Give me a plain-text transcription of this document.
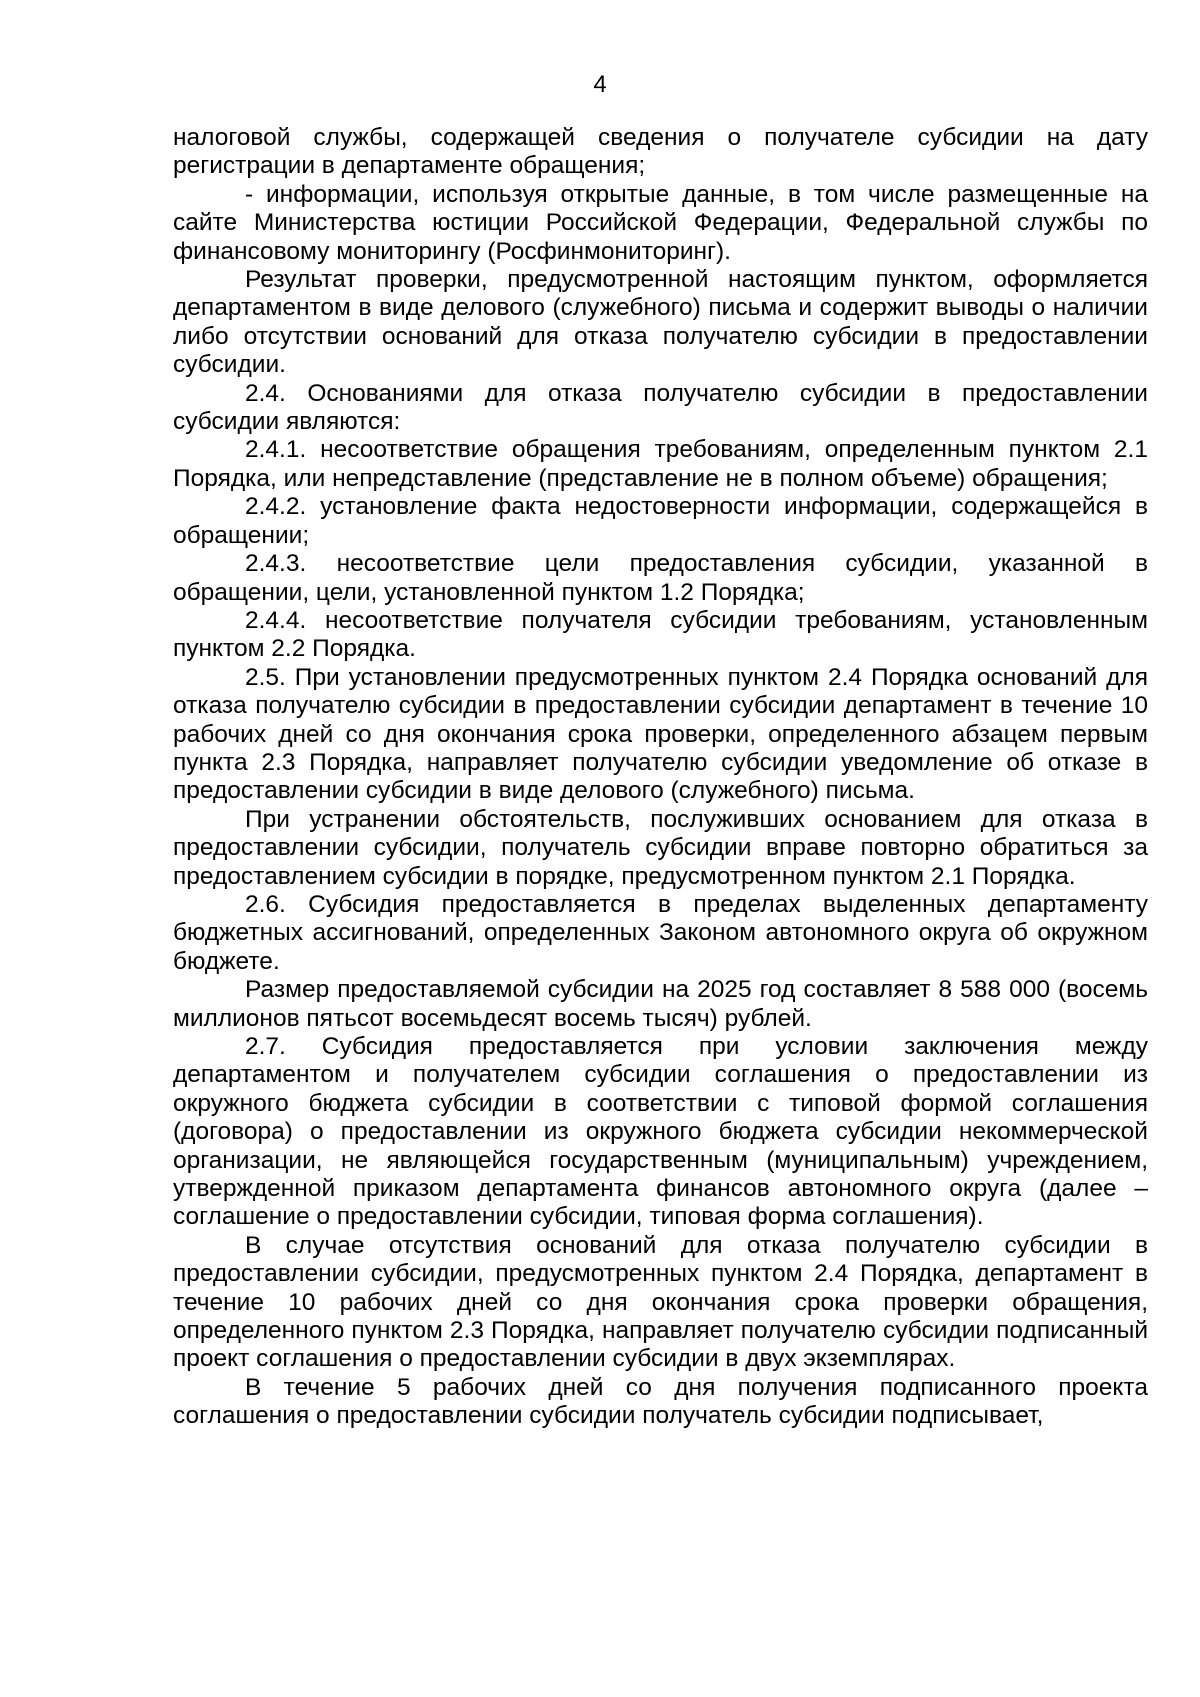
4

налоговой службы, содержащей сведения о получателе субсидии на дату регистрации в департаменте обращения;

- информации, используя открытые данные, в том числе размещенные на сайте Министерства юстиции Российской Федерации, Федеральной службы по финансовому мониторингу (Росфинмониторинг).

Результат проверки, предусмотренной настоящим пунктом, оформляется департаментом в виде делового (служебного) письма и содержит выводы о наличии либо отсутствии оснований для отказа получателю субсидии в предоставлении субсидии.

2.4. Основаниями для отказа получателю субсидии в предоставлении субсидии являются:

2.4.1. несоответствие обращения требованиям, определенным пунктом 2.1 Порядка, или непредставление (представление не в полном объеме) обращения;

2.4.2. установление факта недостоверности информации, содержащейся в обращении;

2.4.3. несоответствие цели предоставления субсидии, указанной в обращении, цели, установленной пунктом 1.2 Порядка;

2.4.4. несоответствие получателя субсидии требованиям, установленным пунктом 2.2 Порядка.

2.5. При установлении предусмотренных пунктом 2.4 Порядка оснований для отказа получателю субсидии в предоставлении субсидии департамент в течение 10 рабочих дней со дня окончания срока проверки, определенного абзацем первым пункта 2.3 Порядка, направляет получателю субсидии уведомление об отказе в предоставлении субсидии в виде делового (служебного) письма.

При устранении обстоятельств, послуживших основанием для отказа в предоставлении субсидии, получатель субсидии вправе повторно обратиться за предоставлением субсидии в порядке, предусмотренном пунктом 2.1 Порядка.

2.6. Субсидия предоставляется в пределах выделенных департаменту бюджетных ассигнований, определенных Законом автономного округа об окружном бюджете.

Размер предоставляемой субсидии на 2025 год составляет 8 588 000 (восемь миллионов пятьсот восемьдесят восемь тысяч) рублей.

2.7. Субсидия предоставляется при условии заключения между департаментом и получателем субсидии соглашения о предоставлении из окружного бюджета субсидии в соответствии с типовой формой соглашения (договора) о предоставлении из окружного бюджета субсидии некоммерческой организации, не являющейся государственным (муниципальным) учреждением, утвержденной приказом департамента финансов автономного округа (далее – соглашение о предоставлении субсидии, типовая форма соглашения).

В случае отсутствия оснований для отказа получателю субсидии в предоставлении субсидии, предусмотренных пунктом 2.4 Порядка, департамент в течение 10 рабочих дней со дня окончания срока проверки обращения, определенного пунктом 2.3 Порядка, направляет получателю субсидии подписанный проект соглашения о предоставлении субсидии в двух экземплярах.

В течение 5 рабочих дней со дня получения подписанного проекта соглашения о предоставлении субсидии получатель субсидии подписывает,
